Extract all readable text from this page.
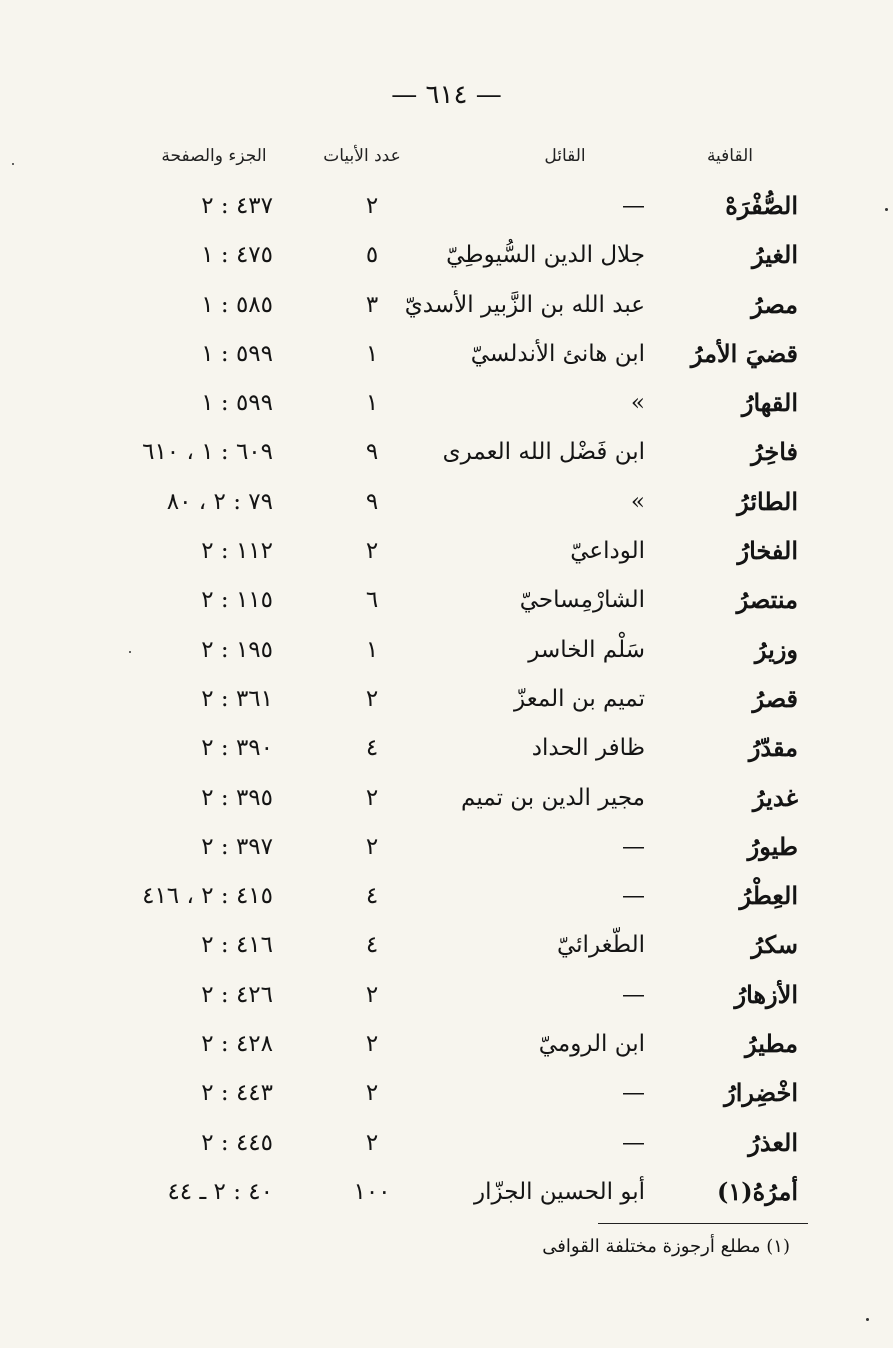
— ٦١٤ —
القافية
القائل
عدد الأبيات
الجزء والصفحة
الصُّفْرَهْ
—
٢
٤٣٧ : ٢
الغيرُ
جلال الدين السُّيوطِيّ
٥
٤٧٥ : ١
مصرُ
عبد الله بن الزَّبير الأسديّ
٣
٥٨٥ : ١
قضيَ الأمرُ
ابن هانئ الأندلسيّ
١
٥٩٩ : ١
القهارُ
»
١
٥٩٩ : ١
فاخِرُ
ابن فَضْل الله العمرى
٩
٦٠٩ : ١ ، ٦١٠
الطائرُ
»
٩
٧٩ : ٢ ، ٨٠
الفخارُ
الوداعيّ
٢
١١٢ : ٢
منتصرُ
الشارْمِساحيّ
٦
١١٥ : ٢
وزيرُ
سَلْم الخاسر
١
١٩٥ : ٢
قصرُ
تميم بن المعزّ
٢
٣٦١ : ٢
مقدّرُ
ظافر الحداد
٤
٣٩٠ : ٢
غديرُ
مجير الدين بن تميم
٢
٣٩٥ : ٢
طيورُ
—
٢
٣٩٧ : ٢
العِطْرُ
—
٤
٤١٥ : ٢ ، ٤١٦
سكرُ
الطّغرائيّ
٤
٤١٦ : ٢
الأزهارُ
—
٢
٤٢٦ : ٢
مطيرُ
ابن الروميّ
٢
٤٢٨ : ٢
اخْضِرارُ
—
٢
٤٤٣ : ٢
العذرُ
—
٢
٤٤٥ : ٢
أمرُهُ(١)
أبو الحسين الجزّار
١٠٠
٤٠ : ٢ ـ ٤٤
(١) مطلع أرجوزة مختلفة القوافى
